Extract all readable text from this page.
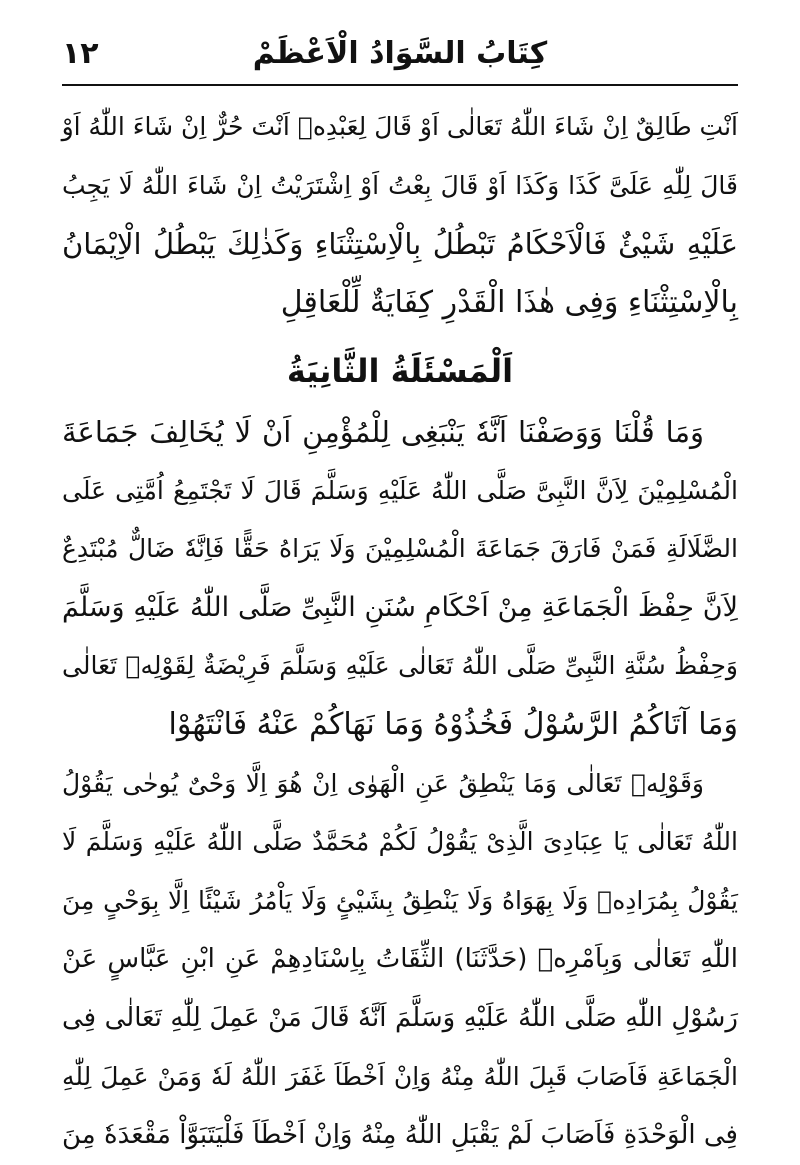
كِتَابُ السَّوَادُ الْاَعْظَمْ
١٢
اَنْتِ طَالِقٌ اِنْ شَاءَ اللّٰهُ تَعَالٰى اَوْ قَالَ لِعَبْدِهٖ اَنْتَ حُرٌّ اِنْ شَاءَ اللّٰهُ اَوْ
قَالَ لِلّٰهِ عَلَیَّ كَذَا وَكَذَا اَوْ قَالَ بِعْتُ اَوْ اِشْتَرَيْتُ اِنْ شَاءَ اللّٰهُ لَا يَجِبُ
عَلَيْهِ شَيْئٌ فَالْاَحْكَامُ تَبْطُلُ بِالْاِسْتِثْنَاءِ وَكَذٰلِكَ يَبْطُلُ الْاِيْمَانُ
بِالْاِسْتِثْنَاءِ وَفِى هٰذَا الْقَدْرِ كِفَايَةٌ لِّلْعَاقِلِ
اَلْمَسْئَلَةُ الثَّانِيَةُ
وَمَا قُلْنَا وَوَصَفْنَا اَنَّهٗ يَنْبَغِى لِلْمُؤْمِنِ اَنْ لَا يُخَالِفَ جَمَاعَةَ
الْمُسْلِمِيْنَ لِاَنَّ النَّبِیَّ صَلَّى اللّٰهُ عَلَيْهِ وَسَلَّمَ قَالَ لَا تَجْتَمِعُ اُمَّتِی عَلَى
الضَّلَالَةِ فَمَنْ فَارَقَ جَمَاعَةَ الْمُسْلِمِيْنَ وَلَا يَرَاهُ حَقًّا فَاِنَّهٗ ضَالٌّ مُبْتَدِعٌ
لِاَنَّ حِفْظَ الْجَمَاعَةِ مِنْ اَحْكَامِ سُنَنِ النَّبِیِّ صَلَّى اللّٰهُ عَلَيْهِ وَسَلَّمَ
وَحِفْظُ سُنَّةِ النَّبِیِّ صَلَّى اللّٰهُ تَعَالٰى عَلَيْهِ وَسَلَّمَ فَرِيْضَةٌ لِقَوْلِهٖ تَعَالٰى
وَمَا آتَاكُمُ الرَّسُوْلُ فَخُذُوْهُ وَمَا نَهَاكُمْ عَنْهُ فَانْتَهُوْا
وَقَوْلِهٖ تَعَالٰى وَمَا يَنْطِقُ عَنِ الْهَوٰى اِنْ هُوَ اِلَّا وَحْیٌ يُوحٰى يَقُوْلُ
اللّٰهُ تَعَالٰى يَا عِبَادِیَ الَّذِیْ يَقُوْلُ لَكُمْ مُحَمَّدٌ صَلَّى اللّٰهُ عَلَيْهِ وَسَلَّمَ لَا
يَقُوْلُ بِمُرَادِهٖ وَلَا بِهَوَاهُ وَلَا يَنْطِقُ بِشَيْئٍ وَلَا يَاْمُرُ شَيْئًا اِلَّا بِوَحْیٍ مِنَ
اللّٰهِ تَعَالٰى وَبِاَمْرِهٖ (حَدَّثَنَا) الثِّقَاتُ بِاِسْنَادِهِمْ عَنِ ابْنِ عَبَّاسٍ عَنْ
رَسُوْلِ اللّٰهِ صَلَّى اللّٰهُ عَلَيْهِ وَسَلَّمَ اَنَّهٗ قَالَ مَنْ عَمِلَ لِلّٰهِ تَعَالٰى فِی
الْجَمَاعَةِ فَاَصَابَ قَبِلَ اللّٰهُ مِنْهُ وَاِنْ اَخْطَاَ غَفَرَ اللّٰهُ لَهٗ وَمَنْ عَمِلَ لِلّٰهِ
فِی الْوَحْدَةِ فَاَصَابَ لَمْ يَقْبَلِ اللّٰهُ مِنْهُ وَاِنْ اَخْطَاَ فَلْيَتَبَوَّاْ مَقْعَدَهٗ مِنَ
